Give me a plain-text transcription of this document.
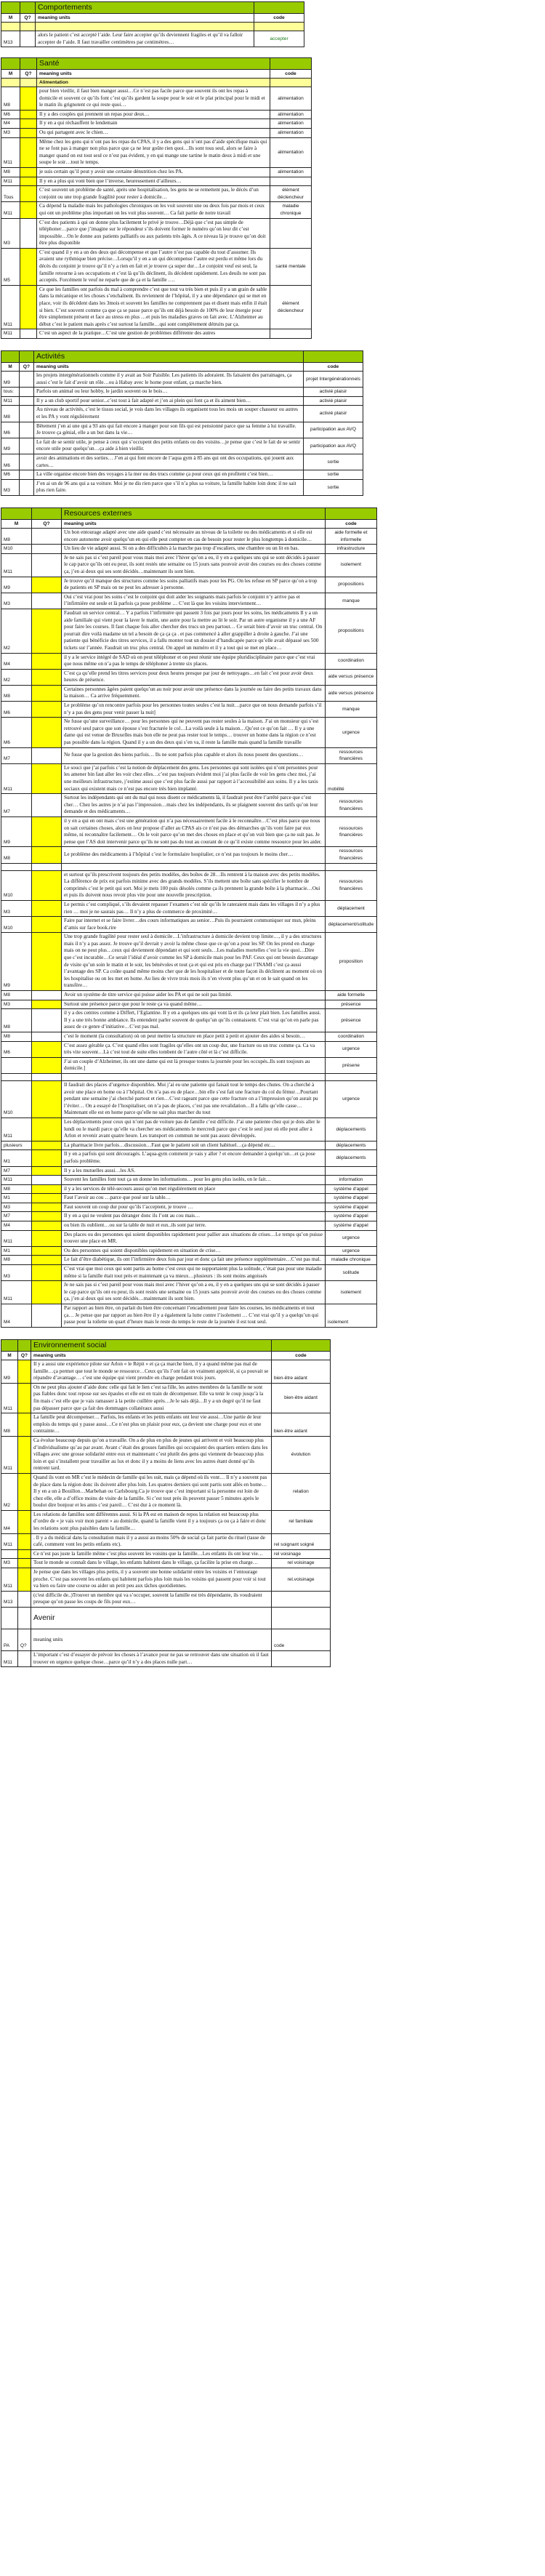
		Comportements	
M	Q?	meaning units	code

M13		alors le patient c’est accepté l’aide. Leur faire accepter qu’ils deviennent fragiles et qu’il va falloir accepter de l’aide. Il faut travailler centimètres par centimètres…	accepter
		Santé	
M	Q?	meaning units	code
		Alimentation	
M8		pour bien vieillir, il faut bien manger aussi…Ce n’est pas facile parce que souvent ils ont les repas à domicile et souvent ce qu’ils font c’est qu’ils gardent la soupe pour le soir et le plat principal pour le midi et le matin ils grignotent ce qui reste quoi…	alimentation
M6		Il y a des couples qui prennent un repas pour deux…	alimentation
M4		Il y en a qui réchauffent le lendemain	alimentation
M3		Ou qui partagent avec le chien…	alimentation
M11		Même chez les gens qui n’ont pas les repas du CPAS, il y a des gens qui n’ont pas d’aide spécifique mais qui ne se font pas à manger non plus parce que ça ne leur goûte rien quoi…Ils sont tous seul, alors se faire à manger quand on est tout seul ce n’est pas évident, y en qui mange une tartine le matin deux à midi et une soupe le soir…tout le temps.	alimentation
M8		je suis certain qu’il peut y avoir une certaine dénutrition chez les PA.	alimentation
M11		Il y en a plus qui vont bien que l’inverse, heureusement d’ailleurs…	
Tous		C’est souvent un problème de santé, après une hospitalisation, les gens ne se remettent pas, le décès d’un conjoint ou une trop grande fragilité pour rester à domicile…	élément déclencheur
M11		Ca dépend la maladie mais les pathologies chroniques on les voit souvent une ou deux fois par mois et ceux qui ont un problème plus important on les voit plus souvent… Ca fait partie de notre travail	maladie chronique
M3		C’est des patients à qui on donne plus facilement le privé je trouve…Déjà que c’est pas simple de téléphoner…parce que j’imagine sur le répondeur s’ils doivent former le numéro qu’on leur dit c’est impossible…On le donne aux patients palliatifs ou aux patients très âgés. A ce niveau là je trouve qu’on doit être plus disponible	
M5		C’est quand il y en a un des deux qui décompense et que l’autre n’est pas capable du tout d’assumer. Ils avaient une rythmique bien précise…Lorsqu’il y en a un qui décompense l’autre est perdu et même lors du décès du conjoint je trouve qu’il n’y a rien en fait et je trouve ça super dur…Le conjoint veuf est seul, la famille retourne à ses occupations et c’est là qu’ils déclinent, ils décèdent rapidement. Les deuils ne sont pas acceptés. Forcément le veuf ne reparle que de ça et la famille ….	santé mentale
M11		Ce que les familles ont parfois du mal à comprendre c’est que tout va très bien et puis il y a un grain de sable dans la mécanique et les choses s’enchaînent. Ils reviennent de l’hôpital, il y a une dépendance qui se met en place, voir ils décèdent dans les 3mois et souvent les familles ne comprennent pas et disent mais enfin il était si bien. C’est souvent comme ça que ça se passe parce qu’ils ont déjà besoin de 100% de leur énergie pour être simplement présent et face au stress en plus …et puis les maladies graves on fait avec. L’Alzheimer au début c’est le patient mais après c’est surtout la famille…qui sont complètement détruits par ça.	élément déclencheur
M11		C’est un aspect de la pratique…C’est une gestion de problèmes différente des autres	
		Activités	
M	Q?	meaning units	code
M9		les projets intergénérationnels comme il y avait au Soir Paisible. Les patients ils adoraient. Ils faisaient des parrainages, ça aussi c’est le fait d’avoir un rôle…ou à Habay avec le home pour enfant, ça marche bien.	projet Intergénérationnels
tous:		Parfois un animal ou leur hobby, le jardin souvent ou le bois…	activié plaisir
M11		Il y a un club sportif pour senior...c’est tout à fait adapté et j’en ai plein qui font ça et ils aiment bien…	activié plaisir
M8		Au niveau de activités, c’est le tissus social, je vois dans les villages ils organisent tous les mois un souper chasseur ou autres et les PA y vont régulièrement	activié plaisir
M6		Bêtement j’en ai une qui a 93 ans qui fait encore à manger pour son fils qui est pensionné parce que sa femme à lui travaille. Je trouve ça génial, elle a un but dans la vie…	participation aux AVQ
M9		Le fait de se sentir utile, je pense à ceux qui s’occupent des petits enfants ou des voisins…je pense que c’est le fait de se sentir encore utile pour quelqu’un…ça aide à bien vieillir.	participation aux AVQ
M6		avoir des animations et des sorties… J’en ai qui font encore de l’aqua gym à 85 ans qui ont des occupations, qui jouent aux cartes…	sortie
M6		La ville organise encore bien des voyages à la mer ou des trucs comme ça pour ceux qui en profitent c’est bien…	sortie
M3		J’en ai un de 96 ans qui a sa voiture. Moi je ne dis rien parce que s’il n’a plus sa voiture, la famille habite loin donc il ne sait plus rien faire.	sortie
		Resources externes	
M	Q?	meaning units	code
M8		Un bon entourage adapté avec une aide quand c’est nécessaire au niveau de la toilette ou des médicaments et si elle est encore autonome avoir quelqu’un en qui elle peut compter en cas de besoin pour rester le plus longtemps à domicile…	aide formelle et informelle
M10		Un lieu de vie adapté aussi. Si on a des difficultés à la marche pas trop d’escaliers, une chambre ou un lit en bas.	infrastructure
M11		Je ne sais pas si c’est pareil pour vous mais moi avec l’hiver qu’on a eu, il y en a quelques uns qui se sont décidés à passer le cap parce qu’ils ont eu peur, ils sont restés une semaine ou 15 jours sans pouvoir avoir des courses ou des choses comme ça, j’en ai deux qui ses sont décidés…maintenant ils sont bien.	isolement
M9		Je trouve qu’il manque des structures comme les soins palliatifs mais pour les PG. On les refuse en SP parce qu’on a trop de patients en SP mais on ne peut les adresser à personne.	propositions
M3		Oui c’est vrai pour les soins c’est le conjoint qui doit aider les soignants mais parfois le conjoint n’y arrive pas et l’infirmière est seule et là parfois ça pose problème … C’est là que les voisins interviennent…	manque
M2		Faudrait un service central… Y a parfois l’infirmière qui passent 3 fois par jours pour les soins, les médicaments Il y a un aide familiale qui vient pour la laver le matin, une autre pour la mettre au lit le soir. Par un autre organisme il y a une AF pour faire les courses. Il faut chaque fois aller chercher des trucs un peu partout… Ce serait bien d’avoir un truc central. On pourrait dire voilà madame un tel a besoin de ça ça ça . et pas commencé à aller grappiller à droite à gauche. J’ai une patiente qui bénéficie des titres services, il a fallu monter tout un dossier d’handicapée parce qu’elle avait dépassé ses 500 tickets sur l’année. Faudrait un truc plus central. On appel un numéro et il y a tout qui se met en place…	propositions
M4		il y a le service intégré de SAD où on peut téléphoner et on peut réunir une équipe pluridisciplinaire parce que c’est vrai que nous même on n’a pas le temps de téléphoner à trente six places.	coordination
M2		C’est ça qu’elle prend les titres services pour deux heures presque par jour de nettoyages…en fait c’est pour avoir deux heures de présence.	aide versus présence
M8		Certaines personnes âgées paient quelqu’un au noir pour avoir une présence dans la journée ou faire des petits travaux dans la maison… Ca arrive fréquemment.	aide versus présence
M6		Le problème qu’on rencontre parfois pour les personnes toutes seules c’est la nuit…parce que on nous demande parfois s’il n’y a pas des gens pour venir passer la nuit]	manque
M6		Ne fusse qu’une surveillance… pour les personnes qui ne peuvent pas rester seules à la maison. J’ai un monsieur qui s’est retrouvé seul parce que son épouse s’est fracturée le col…La voilà seule à la maison…Qu’est ce qu’on fait … Il y a une dame qui est venue de Bruxelles mais bon elle ne peut pas rester tout le temps… trouver un home dans la région ce n’est pas possible dans la région. Quand il y a un des deux qui s’en va, il reste la famille mais quand la famille travaille	urgence
M7		Ne fusse que la gestion des biens parfois… Ils ne sont parfois plus capable et alors ils nous posent des questions…	ressources financières
M11		Le souci que j’ai parfois c’est la notion de déplacement des gens. Les personnes qui sont isolées qui n’ont personnes pour les amener bin faut aller les voir chez elles…c’est pas toujours évident moi j’ai plus facile de voir les gens chez moi, j’ai une meilleurs infrastructure, j’estime aussi que c’est plus facile aussi par rapport à l’accessibilité aux soins. Il y a les taxis sociaux qui existent mais ce n’est pas encore très bien implanté.	mobilité
M7		Surtout les indépendants qui ont du mal qui nous disent ce médicaments là, il faudrait peut être l’arrêté parce que c’est cher… Chez les autres je n’ai pas l’impression…mais chez les indépendants, ils se plaignent souvent des tarifs qu’on leur demande et des médicaments…	ressources financières
M9		il y en a qui en ont mais c’est une génération qui n’a pas nécessairement facile à le reconnaître…C’est plus parce que nous on sait certaines choses, alors on leur propose d’aller au CPAS ais ce n’est pas des démarches qu’ils vont faire par eux même, ni reconnaître facilement… On le voit parce qu’on met des choses en place et qu’on voit bien que ça ne suit pas. Je pense que l’AS doit intervenir parce qu’ils ne sont pas du tout au courant de ce qu’il existe comme ressource pour les aider.	ressources financières
M8		Le problème des médicaments à l’hôpital c’est le formulaire hospitalier, ce n’est pas toujours le moins cher…	ressources financières

M10		et surtout qu’ils prescrivent toujours des petits modèles, des boîtes de 28…Ils rentrent à la maison avec des petits modèles. La différence de prix est parfois minime avec des grands modèles. S’ils mettent une boîte sans spécifier le nombre de comprimés c’est le petit qui sort. Moi je mets 100 puis désolés comme ça ils prennent la grande boîte à la pharmacie…Oui et puis ils doivent nous revoir plus vite pour une nouvelle prescription.	ressources financières
M3		Le permis c’est compliqué, s’ils devaient repasser l’examen c’est sûr qu’ils le rateraient mais dans les villages il n’y a plus rien … moi je ne saurais pas… Il n’y a plus de commerce de proximité…	déplacement
M10		Faire par internet et se faire livrer…des cours informatiques au senior…Puis ils pourraient communiquer sur msn, pleins d’amis sur face book.rire	déplacement/solitude
M9		Une trop grande fragilité pour rester seul à domicile…L’infrastructure à domicile devient trop limite…, il y a des structures mais il n’y a pas assez. Je trouve qu’il devrait y avoir la même chose que ce qu’on a pour les SP. On les prend en charge mais on ne peut plus…ceux qui deviennent dépendant et qui sont seuls…Les maladies mortelles c’est la vie quoi…Dire que c’est incurable…Ce serait l’idéal d’avoir comme les SP à domicile mais pour les PAF. Ceux qui ont besoin davantage de visite qu’un soin le matin et le soir, les bénévoles et tout ça et qui est pris en charge par l’INAMI c’est ça aussi l’avantage des SP. Ca coûte quand même moins cher que de les hospitaliser et de toute façon ils déclinent au moment où on les hospitalise ou on les met en home. Au lieu de vivre trois mois ils n’en vivent plus qu’un et on le sait quand on les transfère…	proposition
M8		Avoir un système de titre service qui puisse aider les PA et qui ne soit pas limité.	aide formelle
M3		Surtout une présence parce que pour le reste ça va quand même…	présence
M8		il y a des centres comme à Differt, l’Eglantine. Il y en a quelques uns qui vont là et ils ça leur plait bien. Les familles aussi. Il y a une très bonne ambiance. Ils entendent parler souvent de quelqu’un qu’ils connaissent. C’est vrai qu’on en parle pas assez de ce genre d’initiative…C’est pas mal.	présence
M8		c’est le moment (la consultation) où on peut mettre la structure en place petit à petit et ajouter des aides si besoin…	coordination
M6		C’est assez gérable ça. C’est quand elles sont fragiles qu’elles ont un coup dur, une fracture ou un truc comme ça. Ca va très vite souvent…Là c’est tout de suite elles tombent de l’autre côté et là c’est difficile.	urgence
		J’ai un couple d’Alzheimer, ils ont une dame qui est là presque toutes la journée pour les occupés..Ils sont toujours au domicile.]	présene

M10		Il faudrait des places d’urgence disponibles. Moi j’ai eu une patiente qui faisait tout le temps des chutes. On a cherché à avoir une place en home ou à l’hôpital. On n’a pas eu de place…bin elle s’est fait une fracture du col du fémur…Pourtant pendant une semaine j’ai cherché partout et rien…C’est rageant parce que cette fracture on a l’impression qu’on aurait pu l’éviter… On a essayé de l’hospitaliser, on n’a pas de places, c’est pas une revalidation…Il a fallu qu’elle casse…Maintenant elle est en home parce qu’elle ne sait plus marcher du tout	urgence
M11		Les déplacements pour ceux qui n’ont pas de voiture pas de famille c’est difficile. J’ai une patiente chez qui je dois aller le lundi ou le mardi parce qu’elle va chercher ses médicaments le mercredi parce que c’est le seul jour où elle peut aller à Arlon et revenir avant quatre heure. Les transport en commun ne sont pas assez développés.	déplacements
plusieurs		La pharmacie livre parfois…discussion…Faut que le patient soit un client habituel…ça dépend etc…	déplacements
M1		Il y en a parfois qui sont découragés. L’aqua-gym comment je vais y aller ? et encore demander à quelqu’un…et ça pose parfois problème.	déplacements
M7		Il y a les mutuelles aussi…les AS.	
M11		Souvent les familles font tout ça on donne les informations… pour les gens plus isolés, on le fait…	information
M8		il y a les services de télé-secours aussi qu’on met régulièrement en place	système d'appel
M1		Faut l’avoir au cou …parce que posé sur la table…	système d'appel
M3		Faut souvent un coup dur pour qu’ils l’acceptent, je trouve …	système d'appel
M7		Il y en a qui ne veulent pas déranger donc ils l’ont au cou mais…	système d'appel
M4		ou bien ils oublient…ou sur la table de nuit et eux..ils sont par terre.	système d'appel
M11		Des places ou des personnes qui soient disponibles rapidement pour pallier aux situations de crises…Le temps qu’on puisse trouver une place en MR.	urgence
M1		Ou des personnes qui soient disponibles rapidement en situation de crise…	urgence
M8		Le fait d’être diabétique, ils ont l’infirmière deux fois par jour et donc ça fait une présence supplémentaire…C’est pas mal.	maladie chronique
M3		C’est vrai que moi ceux qui sont partis au home c’est ceux qui ne supportaient plus la solitude, c’était pas pour une maladie même si la famille était tout près et maintenant ça va mieux…plusieurs : ils sont moins angoissés	solitude
M11		Je ne sais pas si c’est pareil pour vous mais moi avec l’hiver qu’on a eu, il y en a quelques uns qui se sont décidés à passer le cap parce qu’ils ont eu peur, ils sont restés une semaine ou 15 jours sans pouvoir avoir des courses ou des choses comme ça, j’en ai deux qui ses sont décidés…maintenant ils sont bien.	isolement
M4		Par rapport au bien être, on parlait du bien être concernant l’encadrement pour faire les courses, les médicaments et tout ça… Je pense que par rapport au bien être il y a également la lutte contre l’isolement … C’est vrai qu’il y a quelqu’un qui passe pour la toilette un quart d’heure mais le reste du temps le reste de la journée il est tout seul.	isolement
		Environnement social	
M	Q?	meaning units	code
M9		Il y a aussi une expérience pilote sur Arlon « le Répit » et ça ça marche bien, il y a quand même pas mal de famille…ça permet que tout le monde se ressource…Ceux qu’ils l’ont fait on vraiment apprécié, si ça pouvait se répandre d’avantage… c’est une équipe qui vient prendre en charge pendant trois jours.	bien-être aidant
M11		On ne peut plus ajouter d’aide donc celle qui fait le lien c’est sa fille, les autres membres de la famille ne sont pas fiables donc tout repose sur ses épaules et elle est en train de décompenser. Elle va tenir le coup jusqu’à la fin mais c’est elle que je vais ramasser à la petite cuillère après…Je le sais déjà…Il y a un degré qu’il ne faut pas dépasser parce que ça fait des dommages collatéraux aussi	bien-être aidant
M8		La famille peut décompenser… Parfois, les enfants et les petits enfants ont leur vie aussi…Une partie de leur emplois du temps qui y passe aussi…Ce n’est plus un plaisir pour eux, ça devient une charge pour eux et une contrainte…	bien-être aidant
M11		Ca évolue beaucoup depuis qu’on a travaille. On a de plus en plus de jeunes qui arrivent et voit beaucoup plus d’individualisme qu’au par avant. Avant c’était des grosses familles qui occupaient des quartiers entiers dans les villages avec une grosse solidarité entre eux et maintenant c’est plutôt des gens qui viennent de beaucoup plus loin et qui s’installent pour travailler au lux et donc il y a moins de liens avec les autres étant donné qu’ils rentrent tard.	évolution
M2		Quand ils vont en MR c’est le médecin de famille qui les suit, mais ça dépend où ils vont… Il n’y a souvent pas de place dans la région donc ils doivent aller plus loin. Les quatres derniers qui sont partis sont allés en home…Il y en a un à Bouillon…Marbehan ou Carlsbourg.Ca je trouve que c’est important si la personne est loin de chez elle, elle a d’office moins de visite de la famille. Si c’est tout près ils peuvent passer 5 minutes après le boulot dire bonjour et les amis c’est pareil… C’est dur à ce moment là.	relation
M4		Les relations de familles sont différentes aussi. Si la PA est en maison de repos la relation est beaucoup plus d’ordre de « je vais voir mon parent » au domicile, quand la famille vient il y a toujours ça ou ça à faire et donc les relations sont plus paisibles dans la famille…	rel familiale
M11		. Il y a du médical dans la consultation mais il y a aussi au moins 50% de social ça fait partie du rituel (tasse de café, comment vont les petits enfants etc).	rel soignant soigné
		Ce n’est pas juste la famille même c’est plus souvent les voisins que la famille…Les enfants ils ont leur vie…	rel voisinage
M3		Tout le monde se connaît dans le village, les enfants habitent dans le village, ça facilite la prise en charge…	rel voisinage
M11		Je pense que dans les villages plus petits, il y a souvent une bonne solidarité entre les voisins et l’entourage proche. C’est pas souvent les enfants qui habitent parfois plus loin mais les voisins qui passent pour voir si tout va bien ou faire une course ou aider un petit peu aux tâches quotidiennes.	rel.voisinage
M13		(c'est difficile de..)Trouver un membre qui va s’occuper, souvent la famille est très dépendante, ils voudraient presque qu’on passe les coups de fils pour eux…	
		Avenir	
PA	Q?	meaning units	code
M11		L’important c’est d’essayer de prévoir les choses à l’avance pour ne pas se retrouver dans une situation où il faut trouver en urgence quelque chose…parce qu’il n’y a des places nulle part…	
